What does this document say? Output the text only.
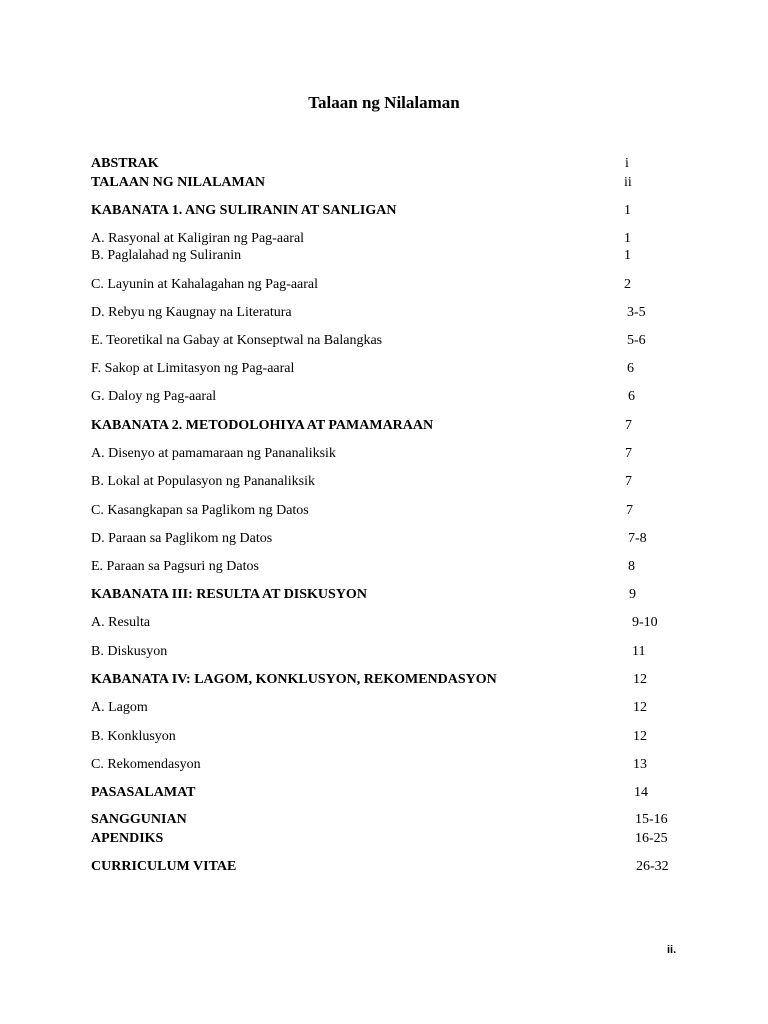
Talaan ng Nilalaman
ABSTRAK	i
TALAAN NG NILALAMAN	ii
KABANATA 1. ANG SULIRANIN AT SANLIGAN	1
A. Rasyonal at Kaligiran ng Pag-aaral	1
B. Paglalahad ng Suliranin	1
C. Layunin at Kahalagahan ng Pag-aaral	2
D. Rebyu ng Kaugnay na Literatura	3-5
E. Teoretikal na Gabay at Konseptwal na Balangkas	5-6
F. Sakop at Limitasyon ng Pag-aaral	6
G. Daloy ng Pag-aaral	6
KABANATA 2. METODOLOHIYA AT PAMAMARAAN	7
A. Disenyo at pamamaraan ng Pananaliksik	7
B. Lokal at Populasyon ng Pananaliksik	7
C. Kasangkapan sa Paglikom ng Datos	7
D. Paraan sa Paglikom ng Datos	7-8
E. Paraan sa Pagsuri ng Datos	8
KABANATA III: RESULTA AT DISKUSYON	9
A. Resulta	9-10
B. Diskusyon	11
KABANATA IV: LAGOM, KONKLUSYON, REKOMENDASYON	12
A. Lagom	12
B. Konklusyon	12
C. Rekomendasyon	13
PASASALAMAT	14
SANGGUNIAN	15-16
APENDIKS	16-25
CURRICULUM VITAE	26-32
ii.
